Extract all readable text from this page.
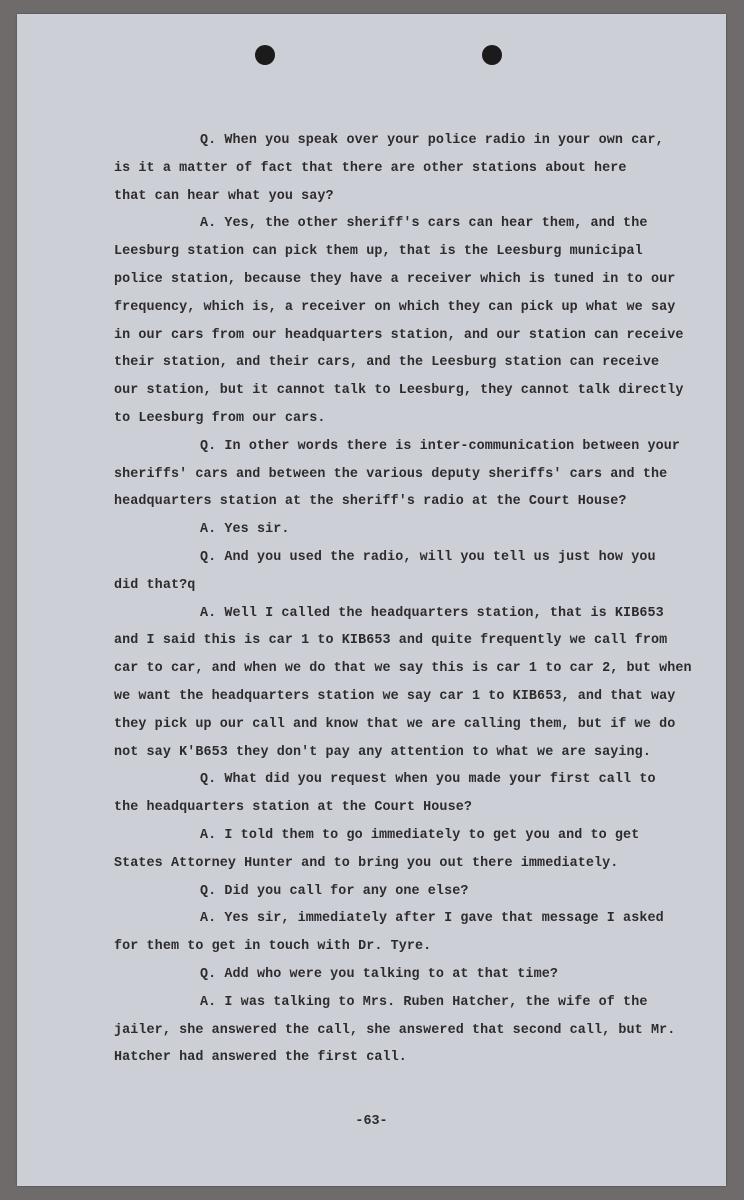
Q. When you speak over your police radio in your own car,
is it a matter of fact that there are other stations about here
that can hear what you say?
A. Yes, the other sheriff's cars can hear them, and the
Leesburg station can pick them up, that is the Leesburg municipal
police station, because they have a receiver which is tuned in to our
frequency, which is, a receiver on which they can pick up what we say
in our cars from our headquarters station, and our station can receive
their station, and their cars, and the Leesburg station can receive
our station, but it cannot talk to Leesburg, they cannot talk directly
to Leesburg from our cars.
Q. In other words there is inter-communication between your
sheriffs' cars and between the various deputy sheriffs' cars and the
headquarters station at the sheriff's radio at the Court House?
A. Yes sir.
Q. And you used the radio, will you tell us just how you
did that?q
A. Well I called the headquarters station, that is KIB653
and I said this is car 1 to KIB653 and quite frequently we call from
car to car, and when we do that we say this is car 1 to car 2, but when
we want the headquarters station we say car 1 to KIB653, and that way
they pick up our call and know that we are calling them, but if we do
not say K'B653 they don't pay any attention to what we are saying.
Q. What did you request when you made your first call to
the headquarters station at the Court House?
A. I told them to go immediately to get you and to get
States Attorney Hunter and to bring you out there immediately.
Q. Did you call for any one else?
A. Yes sir, immediately after I gave that message I asked
for them to get in touch with Dr. Tyre.
Q. Add who were you talking to at that time?
A. I was talking to Mrs. Ruben Hatcher, the wife of the
jailer, she answered the call, she answered that second call, but Mr.
Hatcher had answered the first call.
-63-
